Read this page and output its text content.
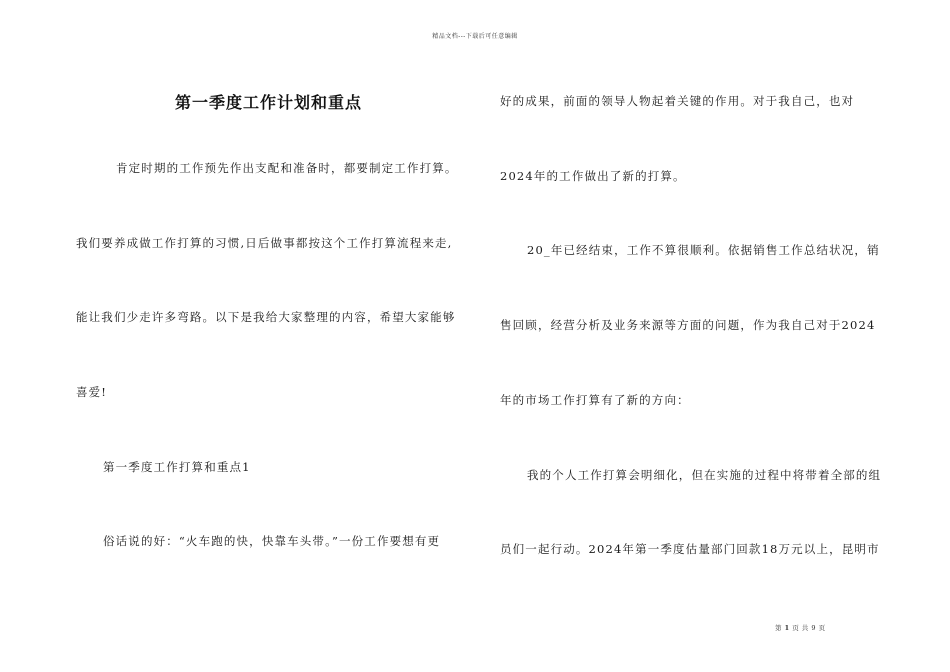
精品文档---下载后可任意编辑
第一季度工作计划和重点
肯定时期的工作预先作出支配和准备时，都要制定工作打算。
我们要养成做工作打算的习惯,日后做事都按这个工作打算流程来走,
能让我们少走许多弯路。以下是我给大家整理的内容，希望大家能够
喜爱!
第一季度工作打算和重点1
俗话说的好：“火车跑的快，快靠车头带。”一份工作要想有更
好的成果，前面的领导人物起着关键的作用。对于我自己，也对
2024年的工作做出了新的打算。
20_年已经结束，工作不算很顺利。依据销售工作总结状况，销
售回顾，经营分析及业务来源等方面的问题，作为我自己对于2024
年的市场工作打算有了新的方向：
我的个人工作打算会明细化，但在实施的过程中将带着全部的组
员们一起行动。2024年第一季度估量部门回款18万元以上，昆明市
第 1 页 共 9 页
